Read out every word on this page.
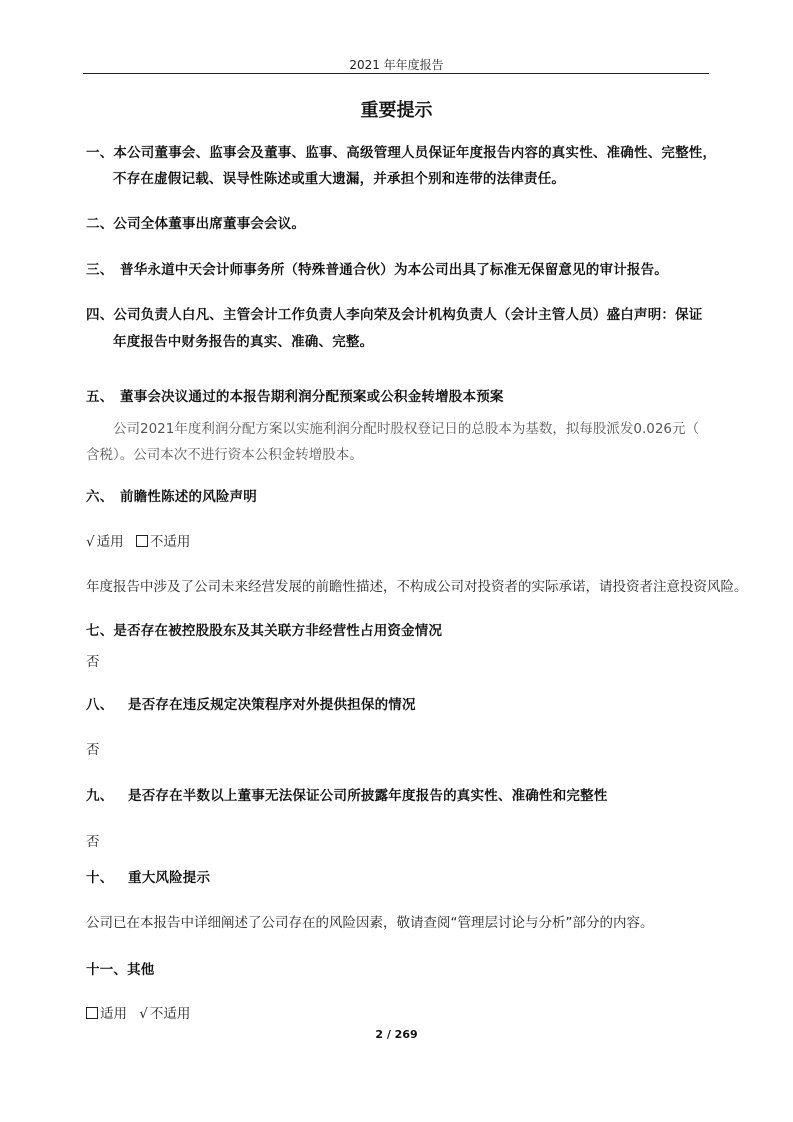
2021 年年度报告
重要提示
一、本公司董事会、监事会及董事、监事、高级管理人员保证年度报告内容的真实性、准确性、完整性，
不存在虚假记载、误导性陈述或重大遗漏，并承担个别和连带的法律责任。
二、公司全体董事出席董事会会议。
三、 普华永道中天会计师事务所（特殊普通合伙）为本公司出具了标准无保留意见的审计报告。
四、公司负责人白凡、主管会计工作负责人李向荣及会计机构负责人（会计主管人员）盛白声明：保证
年度报告中财务报告的真实、准确、完整。
五、 董事会决议通过的本报告期利润分配预案或公积金转增股本预案
公司2021年度利润分配方案以实施利润分配时股权登记日的总股本为基数，拟每股派发0.026元（
含税）。公司本次不进行资本公积金转增股本。
六、 前瞻性陈述的风险声明
√ 适用 不适用
年度报告中涉及了公司未来经营发展的前瞻性描述，不构成公司对投资者的实际承诺，请投资者注意投资风险。
七、是否存在被控股股东及其关联方非经营性占用资金情况
否
八、 是否存在违反规定决策程序对外提供担保的情况
否
九、 是否存在半数以上董事无法保证公司所披露年度报告的真实性、准确性和完整性
否
十、 重大风险提示
公司已在本报告中详细阐述了公司存在的风险因素，敬请查阅“管理层讨论与分析”部分的内容。
十一、其他
适用 √ 不适用
2 / 269
